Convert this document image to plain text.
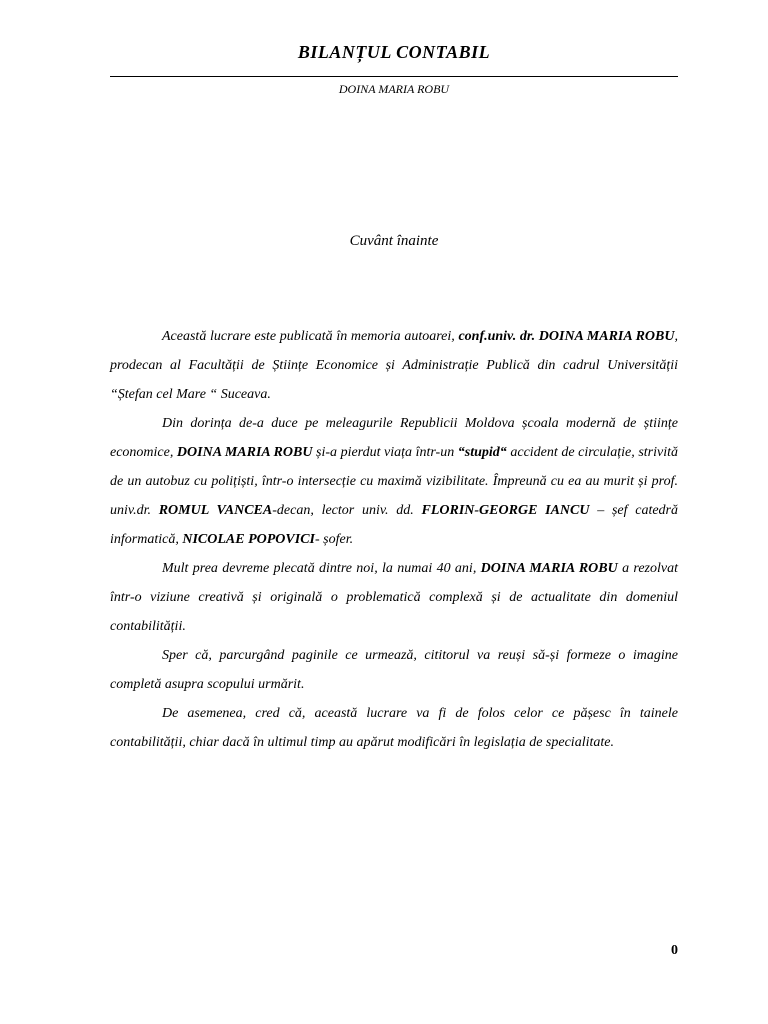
BILANȚUL CONTABIL
DOINA MARIA ROBU
Cuvânt înainte

Această lucrare este publicată în memoria autoarei, conf.univ. dr. DOINA MARIA ROBU, prodecan al Facultății de Științe Economice și Administrație Publică din cadrul Universității “Ștefan cel Mare “ Suceava.

Din dorința de-a duce pe meleagurile Republicii Moldova școala modernă de științe economice, DOINA MARIA ROBU și-a pierdut viața într-un “stupid“ accident de circulație, strivită de un autobuz cu polițiști, într-o intersecție cu maximă vizibilitate. Împreună cu ea au murit și prof. univ.dr. ROMUL VANCEA-decan, lector univ. dd. FLORIN-GEORGE IANCU – șef catedră informatică, NICOLAE POPOVICI- șofer.

Mult prea devreme plecată dintre noi, la numai 40 ani, DOINA MARIA ROBU a rezolvat într-o viziune creativă și originală o problematică complexă și de actualitate din domeniul contabilității.

Sper că, parcurgând paginile ce urmează, cititorul va reuși să-și formeze o imagine completă asupra scopului urmărit.

De asemenea, cred că, această lucrare va fi de folos celor ce pășesc în tainele contabilității, chiar dacă în ultimul timp au apărut modificări în legislația de specialitate.

0
